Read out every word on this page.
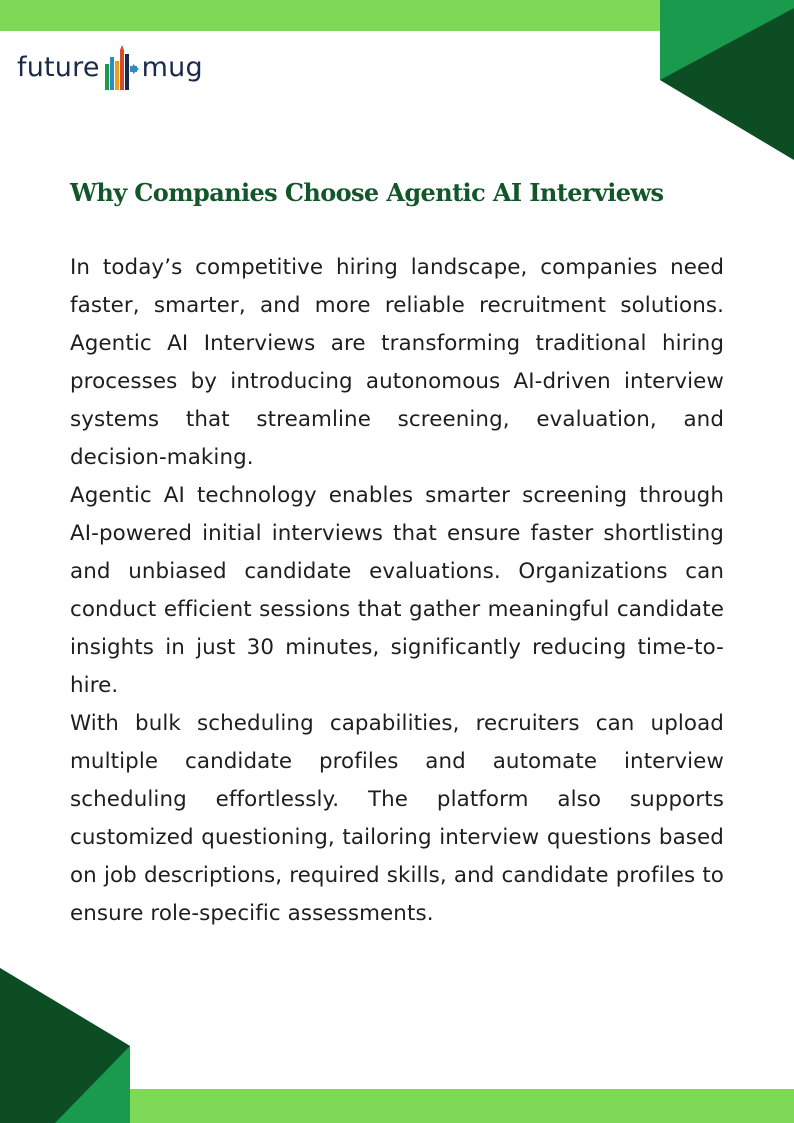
future mug
Why Companies Choose Agentic AI Interviews

In today’s competitive hiring landscape, companies need faster, smarter, and more reliable recruitment solutions. Agentic AI Interviews are transforming traditional hiring processes by introducing autonomous AI-driven interview systems that streamline screening, evaluation, and decision-making.

Agentic AI technology enables smarter screening through AI-powered initial interviews that ensure faster shortlisting and unbiased candidate evaluations. Organizations can conduct efficient sessions that gather meaningful candidate insights in just 30 minutes, significantly reducing time-to-hire.

With bulk scheduling capabilities, recruiters can upload multiple candidate profiles and automate interview scheduling effortlessly. The platform also supports customized questioning, tailoring interview questions based on job descriptions, required skills, and candidate profiles to ensure role-specific assessments.
